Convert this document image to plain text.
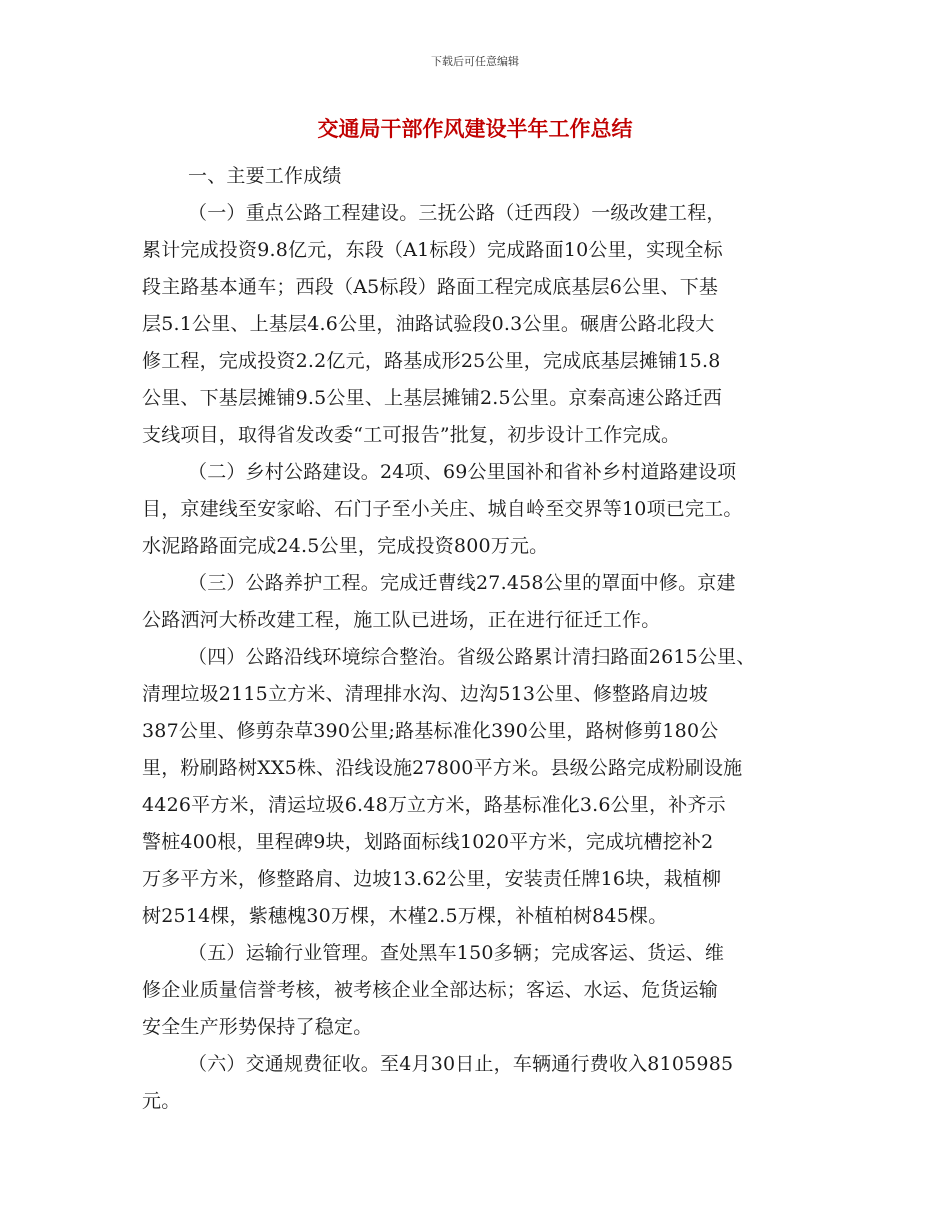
下载后可任意编辑
交通局干部作风建设半年工作总结
一、主要工作成绩
（一）重点公路工程建设。三抚公路（迁西段）一级改建工程，
累计完成投资9.8亿元，东段（A1标段）完成路面10公里，实现全标
段主路基本通车；西段（A5标段）路面工程完成底基层6公里、下基
层5.1公里、上基层4.6公里，油路试验段0.3公里。碾唐公路北段大
修工程，完成投资2.2亿元，路基成形25公里，完成底基层摊铺15.8
公里、下基层摊铺9.5公里、上基层摊铺2.5公里。京秦高速公路迁西
支线项目，取得省发改委“工可报告”批复，初步设计工作完成。
（二）乡村公路建设。24项、69公里国补和省补乡村道路建设项
目，京建线至安家峪、石门子至小关庄、城自岭至交界等10项已完工。
水泥路路面完成24.5公里，完成投资800万元。
（三）公路养护工程。完成迁曹线27.458公里的罩面中修。京建
公路洒河大桥改建工程，施工队已进场，正在进行征迁工作。
（四）公路沿线环境综合整治。省级公路累计清扫路面2615公里、
清理垃圾2115立方米、清理排水沟、边沟513公里、修整路肩边坡
387公里、修剪杂草390公里;路基标准化390公里，路树修剪180公
里，粉刷路树XX5株、沿线设施27800平方米。县级公路完成粉刷设施
4426平方米，清运垃圾6.48万立方米，路基标准化3.6公里，补齐示
警桩400根，里程碑9块，划路面标线1020平方米，完成坑槽挖补2
万多平方米，修整路肩、边坡13.62公里，安装责任牌16块，栽植柳
树2514棵，紫穗槐30万棵，木槿2.5万棵，补植柏树845棵。
（五）运输行业管理。查处黑车150多辆；完成客运、货运、维
修企业质量信誉考核，被考核企业全部达标；客运、水运、危货运输
安全生产形势保持了稳定。
（六）交通规费征收。至4月30日止，车辆通行费收入8105985
元。
